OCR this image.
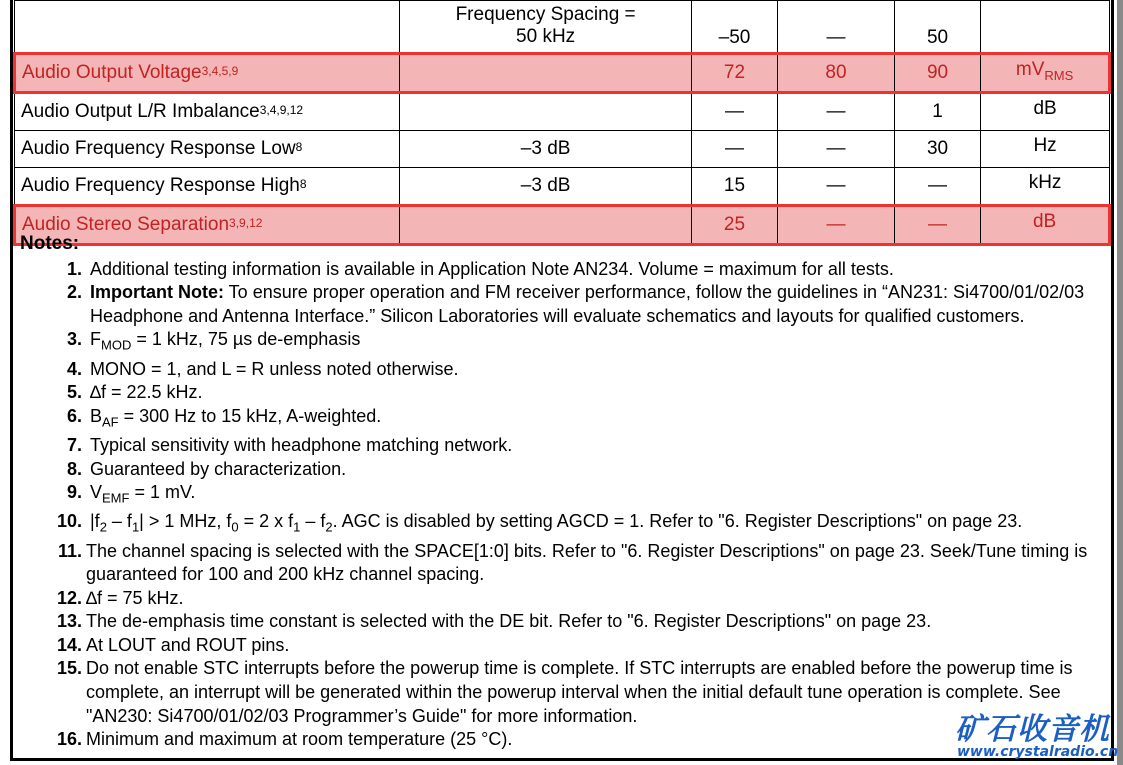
	Frequency Spacing =
50 kHz	–50	—	50	
Audio Output Voltage$^{3,4,5,9}$		72	80	90	$mV_{RMS}$
Audio Output L/R Imbalance$^{3,4,9,12}$		—	—	1	dB
Audio Frequency Response Low$^8$	–3 dB	—	—	30	Hz
Audio Frequency Response High$^8$	–3 dB	15	—	—	kHz
Audio Stereo Separation$^{3,9,12}$		25	—	—	dB
Notes:
1. Additional testing information is available in Application Note AN234. Volume = maximum for all tests.
2. Important Note: To ensure proper operation and FM receiver performance, follow the guidelines in “AN231: Si4700/01/02/03 Headphone and Antenna Interface.” Silicon Laboratories will evaluate schematics and layouts for qualified customers.
3. $F_{MOD} = 1$ kHz, 75 µs de-emphasis
4. MONO = 1, and L = R unless noted otherwise.
5. ∆f = 22.5 kHz.
6. $B_{AF} = 300$ Hz to 15 kHz, A-weighted.
7. Typical sensitivity with headphone matching network.
8. Guaranteed by characterization.
9. $V_{EMF} = 1$ mV.
10. $|f_2 - f_1| > 1$ MHz, $f_0 = 2$ x $f_1 - f_2$. AGC is disabled by setting AGCD = 1. Refer to "6. Register Descriptions" on page 23.
11. The channel spacing is selected with the SPACE[1:0] bits. Refer to "6. Register Descriptions" on page 23. Seek/Tune timing is guaranteed for 100 and 200 kHz channel spacing.
12. ∆f = 75 kHz.
13. The de-emphasis time constant is selected with the DE bit. Refer to "6. Register Descriptions" on page 23.
14. At LOUT and ROUT pins.
15. Do not enable STC interrupts before the powerup time is complete. If STC interrupts are enabled before the powerup time is complete, an interrupt will be generated within the powerup interval when the initial default tune operation is complete. See "AN230: Si4700/01/02/03 Programmer’s Guide" for more information.
16. Minimum and maximum at room temperature (25 °C).	矿石收音机
www.crystalradio.cn
